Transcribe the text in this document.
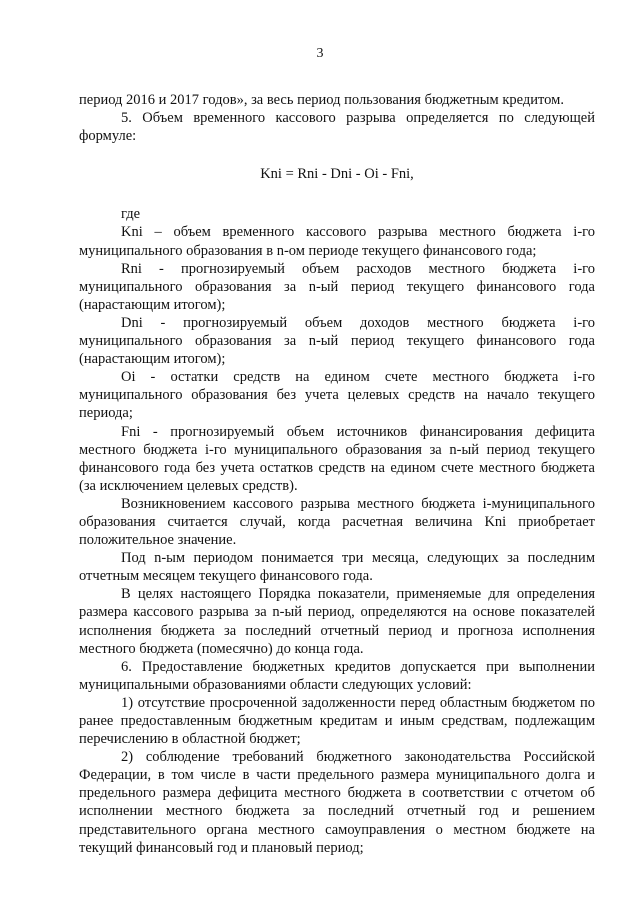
3

период 2016 и 2017 годов», за весь период пользования бюджетным кредитом.

5. Объем временного кассового разрыва определяется по следующей формуле:

Kni = Rni - Dni - Oi - Fni,

где

Kni – объем временного кассового разрыва местного бюджета i-го муниципального образования в n-ом периоде текущего финансового года;

Rni - прогнозируемый объем расходов местного бюджета i-го муниципального образования за n-ый период текущего финансового года (нарастающим итогом);

Dni - прогнозируемый объем доходов местного бюджета i-го муниципального образования за n-ый период текущего финансового года (нарастающим итогом);

Oi - остатки средств на едином счете местного бюджета i-го муниципального образования без учета целевых средств на начало текущего периода;

Fni - прогнозируемый объем источников финансирования дефицита местного бюджета i-го муниципального образования за n-ый период текущего финансового года без учета остатков средств на едином счете местного бюджета (за исключением целевых средств).

Возникновением кассового разрыва местного бюджета i-муниципального образования считается случай, когда расчетная величина Kni приобретает положительное значение.

Под n-ым периодом понимается три месяца, следующих за последним отчетным месяцем текущего финансового года.

В целях настоящего Порядка показатели, применяемые для определения размера кассового разрыва за n-ый период, определяются на основе показателей исполнения бюджета за последний отчетный период и прогноза исполнения местного бюджета (помесячно) до конца года.

6. Предоставление бюджетных кредитов допускается при выполнении муниципальными образованиями области следующих условий:

1) отсутствие просроченной задолженности перед областным бюджетом по ранее предоставленным бюджетным кредитам и иным средствам, подлежащим перечислению в областной бюджет;

2) соблюдение требований бюджетного законодательства Российской Федерации, в том числе в части предельного размера муниципального долга и предельного размера дефицита местного бюджета в соответствии с отчетом об исполнении местного бюджета за последний отчетный год и решением представительного органа местного самоуправления о местном бюджете на текущий финансовый год и плановый период;
